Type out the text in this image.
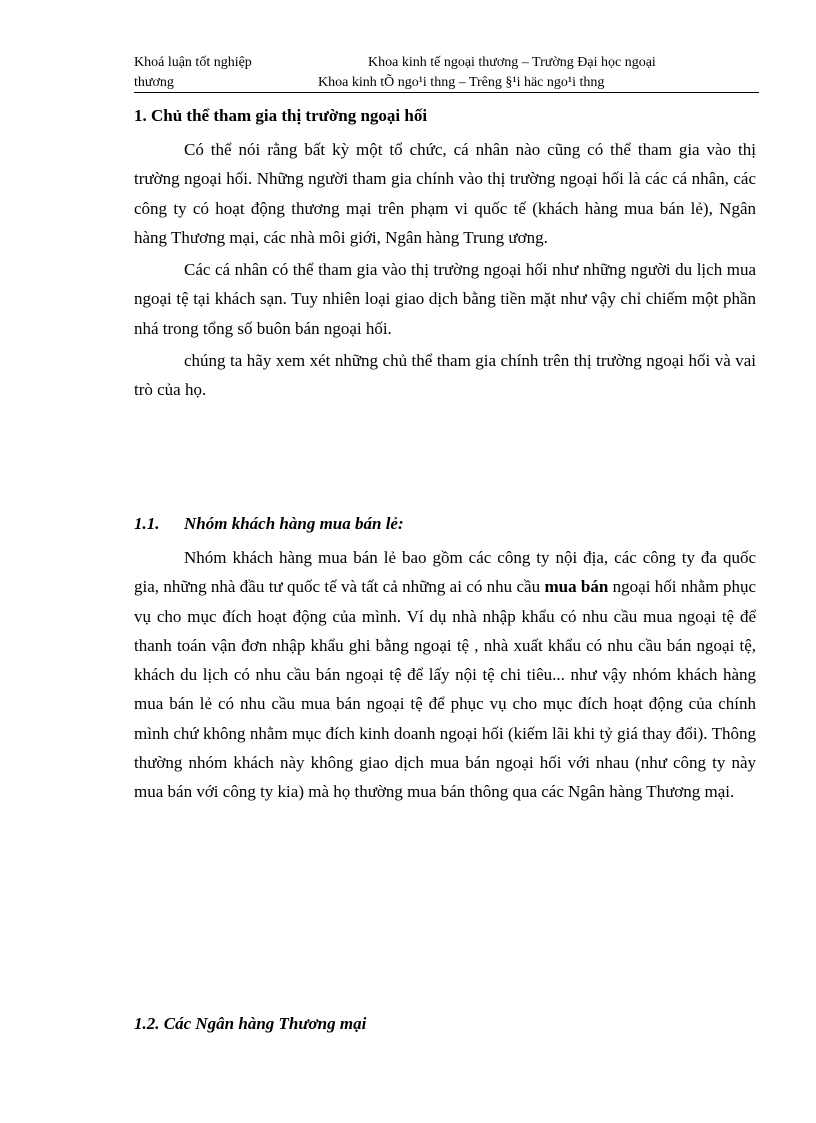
Khoá luận tốt nghiệp	Khoa kinh tế ngoại thương – Trường Đại học ngoại
thương	Khoa kinh tÕ ngo¹i thng – Trêng §¹i häc ngo¹i thng
1. Chủ thể tham gia thị trường ngoại hối

Có thể nói rằng bất kỳ một tổ chức, cá nhân nào cũng có thể tham gia vào thị trường ngoại hối. Những người tham gia chính vào thị trường ngoại hối là các cá nhân, các công ty có hoạt động thương mại trên phạm vi quốc tế (khách hàng mua bán lẻ), Ngân hàng Thương mại, các nhà môi giới, Ngân hàng Trung ương.

Các cá nhân có thể tham gia vào thị trường ngoại hối như những người du lịch mua ngoại tệ tại khách sạn. Tuy nhiên loại giao dịch bằng tiền mặt như vậy chỉ chiếm một phần nhá trong tổng số buôn bán ngoại hối.

chúng ta hãy xem xét những chủ thể tham gia chính trên thị trường ngoại hối và vai trò của họ.

1.1. Nhóm khách hàng mua bán lẻ:

Nhóm khách hàng mua bán lẻ bao gồm các công ty nội địa, các công ty đa quốc gia, những nhà đầu tư quốc tế và tất cả những ai có nhu cầu mua bán ngoại hối nhằm phục vụ cho mục đích hoạt động của mình. Ví dụ nhà nhập khẩu có nhu cầu mua ngoại tệ để thanh toán vận đơn nhập khẩu ghi bằng ngoại tệ , nhà xuất khẩu có nhu cầu bán ngoại tệ, khách du lịch có nhu cầu bán ngoại tệ để lấy nội tệ chi tiêu... như vậy nhóm khách hàng mua bán lẻ có nhu cầu mua bán ngoại tệ để phục vụ cho mục đích hoạt động của chính mình chứ không nhằm mục đích kinh doanh ngoại hối (kiếm lãi khi tỷ giá thay đổi). Thông thường nhóm khách này không giao dịch mua bán ngoại hối với nhau (như công ty này mua bán với công ty kia) mà họ thường mua bán thông qua các Ngân hàng Thương mại.

1.2. Các Ngân hàng Thương mại
